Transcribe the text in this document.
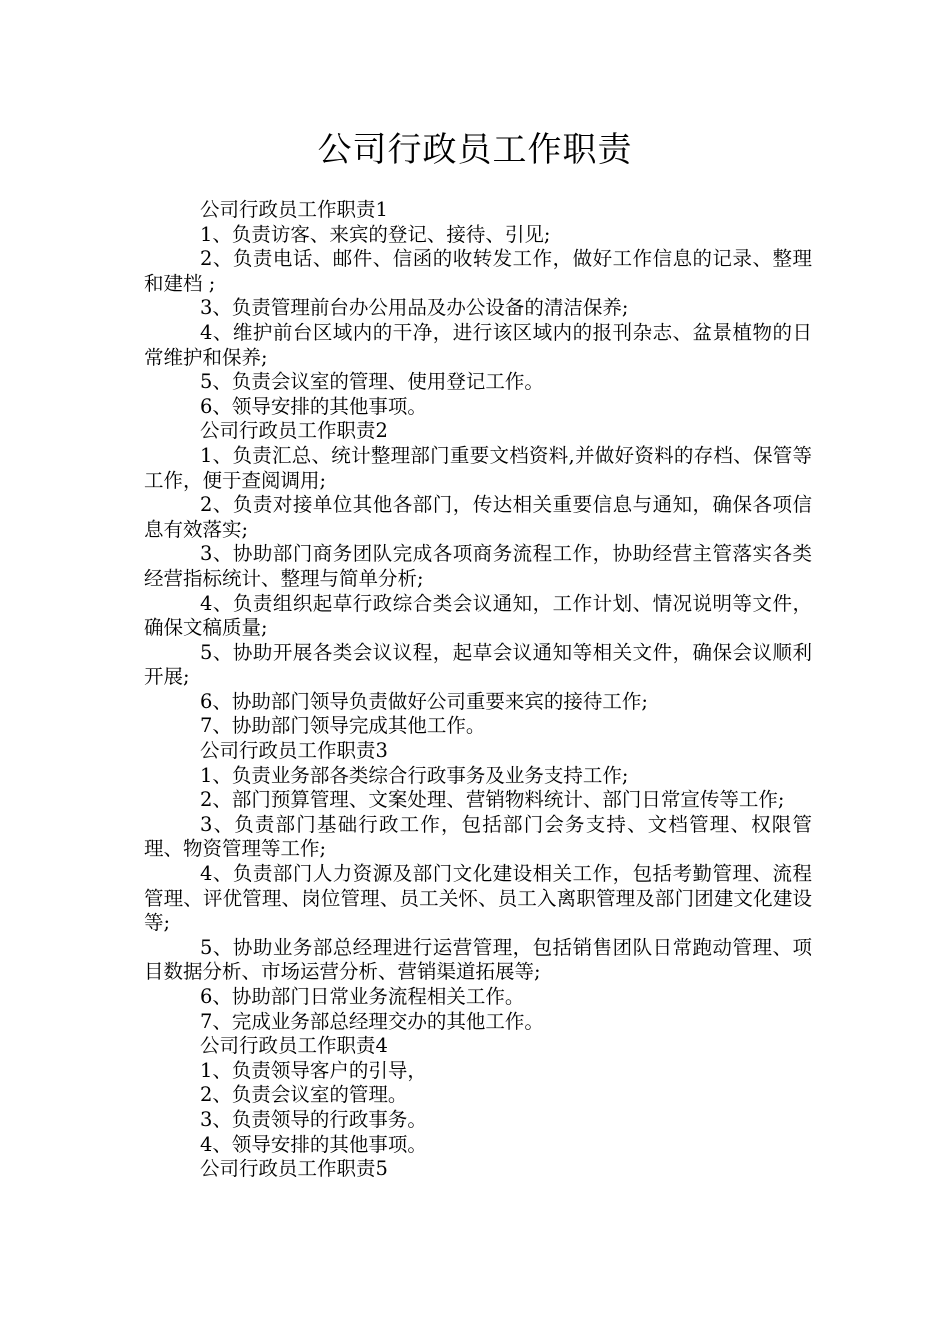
公司行政员工作职责
公司行政员工作职责1

1、负责访客、来宾的登记、接待、引见;

2、负责电话、邮件、信函的收转发工作，做好工作信息的记录、整理和建档 ;

3、负责管理前台办公用品及办公设备的清洁保养;

4、维护前台区域内的干净，进行该区域内的报刊杂志、盆景植物的日常维护和保养;

5、负责会议室的管理、使用登记工作。

6、领导安排的其他事项。

公司行政员工作职责2

1、负责汇总、统计整理部门重要文档资料,并做好资料的存档、保管等工作，便于查阅调用;

2、负责对接单位其他各部门，传达相关重要信息与通知，确保各项信息有效落实;

3、协助部门商务团队完成各项商务流程工作，协助经营主管落实各类经营指标统计、整理与简单分析;

4、负责组织起草行政综合类会议通知，工作计划、情况说明等文件，确保文稿质量;

5、协助开展各类会议议程，起草会议通知等相关文件，确保会议顺利开展;

6、协助部门领导负责做好公司重要来宾的接待工作;

7、协助部门领导完成其他工作。

公司行政员工作职责3

1、负责业务部各类综合行政事务及业务支持工作;

2、部门预算管理、文案处理、营销物料统计、部门日常宣传等工作;

3、负责部门基础行政工作，包括部门会务支持、文档管理、权限管理、物资管理等工作;

4、负责部门人力资源及部门文化建设相关工作，包括考勤管理、流程管理、评优管理、岗位管理、员工关怀、员工入离职管理及部门团建文化建设等;

5、协助业务部总经理进行运营管理，包括销售团队日常跑动管理、项目数据分析、市场运营分析、营销渠道拓展等;

6、协助部门日常业务流程相关工作。

7、完成业务部总经理交办的其他工作。

公司行政员工作职责4

1、负责领导客户的引导，

2、负责会议室的管理。

3、负责领导的行政事务。

4、领导安排的其他事项。

公司行政员工作职责5
